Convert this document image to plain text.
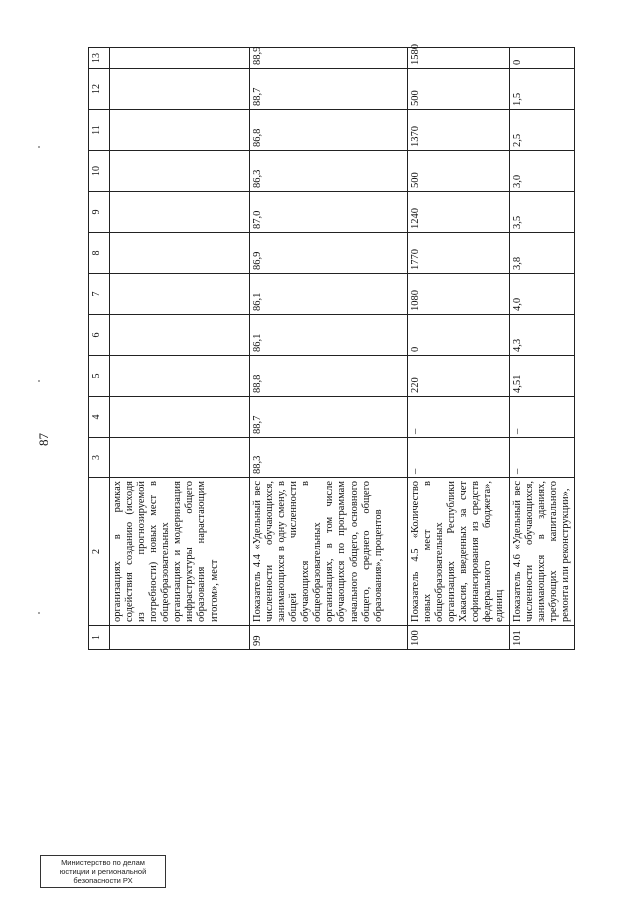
87
1	2	3	4	5	6	7	8	9	10	11	12	13
	организациях в рамках содействия созданию (исходя из прогнозируемой потребности) новых мест в общеобразовательных организациях и модернизация инфраструктуры общего образования нарастающим итогом», мест											
99	Показатель 4.4 «Удельный вес численности обучающихся, занимающихся в одну смену, в общей численности обучающихся в общеобразовательных организациях, в том числе обучающихся по программам начального общего, основного общего, среднего общего образования», процентов	88,3	88,7	88,8	86,1	86,1	86,9	87,0	86,3	86,8	88,7	88,9
100	Показатель 4.5 «Количество новых мест в общеобразовательных организациях Республики Хакасия, введенных за счет софинансирования из средств федерального бюджета», единиц	–	–	220	0	1080	1770	1240	500	1370	500	1580
101	Показатель 4.6 «Удельный вес численности обучающихся, занимающихся в зданиях, требующих капитального ремонта или реконструкции»,	–	–	4,51	4,3	4,0	3,8	3,5	3,0	2,5	1,5	0
Министерство по делам
юстиции и региональной
безопасности РХ
